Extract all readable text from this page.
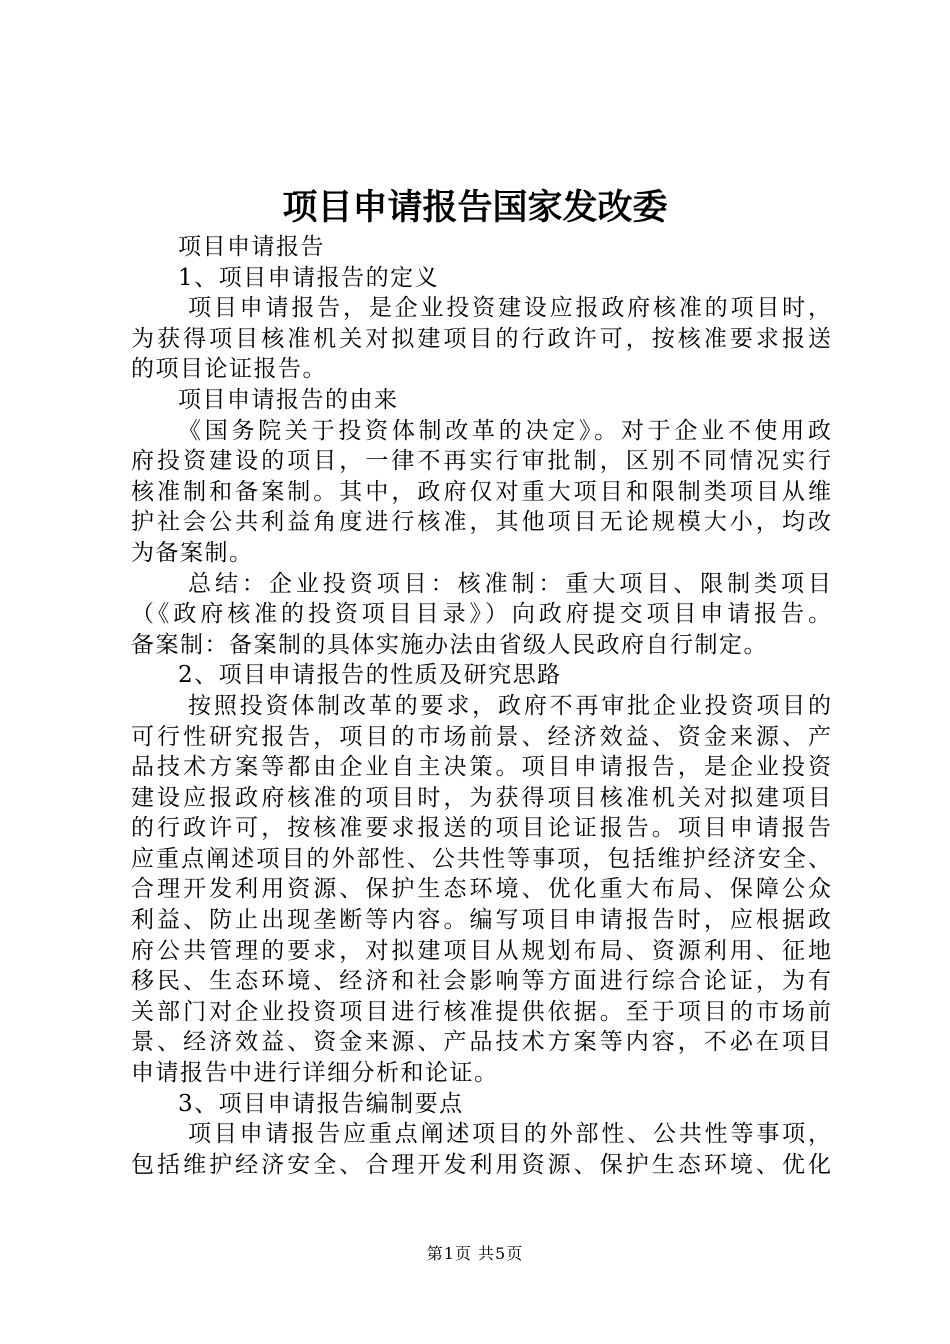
项目申请报告国家发改委
项目申请报告
1、项目申请报告的定义
项目申请报告，是企业投资建设应报政府核准的项目时，
为获得项目核准机关对拟建项目的行政许可，按核准要求报送
的项目论证报告。
项目申请报告的由来
《国务院关于投资体制改革的决定》。对于企业不使用政
府投资建设的项目，一律不再实行审批制，区别不同情况实行
核准制和备案制。其中，政府仅对重大项目和限制类项目从维
护社会公共利益角度进行核准，其他项目无论规模大小，均改
为备案制。
总结：企业投资项目：核准制：重大项目、限制类项目
（《政府核准的投资项目目录》）向政府提交项目申请报告。
备案制：备案制的具体实施办法由省级人民政府自行制定。
2、项目申请报告的性质及研究思路
按照投资体制改革的要求，政府不再审批企业投资项目的
可行性研究报告，项目的市场前景、经济效益、资金来源、产
品技术方案等都由企业自主决策。项目申请报告，是企业投资
建设应报政府核准的项目时，为获得项目核准机关对拟建项目
的行政许可，按核准要求报送的项目论证报告。项目申请报告
应重点阐述项目的外部性、公共性等事项，包括维护经济安全、
合理开发利用资源、保护生态环境、优化重大布局、保障公众
利益、防止出现垄断等内容。编写项目申请报告时，应根据政
府公共管理的要求，对拟建项目从规划布局、资源利用、征地
移民、生态环境、经济和社会影响等方面进行综合论证，为有
关部门对企业投资项目进行核准提供依据。至于项目的市场前
景、经济效益、资金来源、产品技术方案等内容，不必在项目
申请报告中进行详细分析和论证。
3、项目申请报告编制要点
项目申请报告应重点阐述项目的外部性、公共性等事项，
包括维护经济安全、合理开发利用资源、保护生态环境、优化
第1页 共5页
